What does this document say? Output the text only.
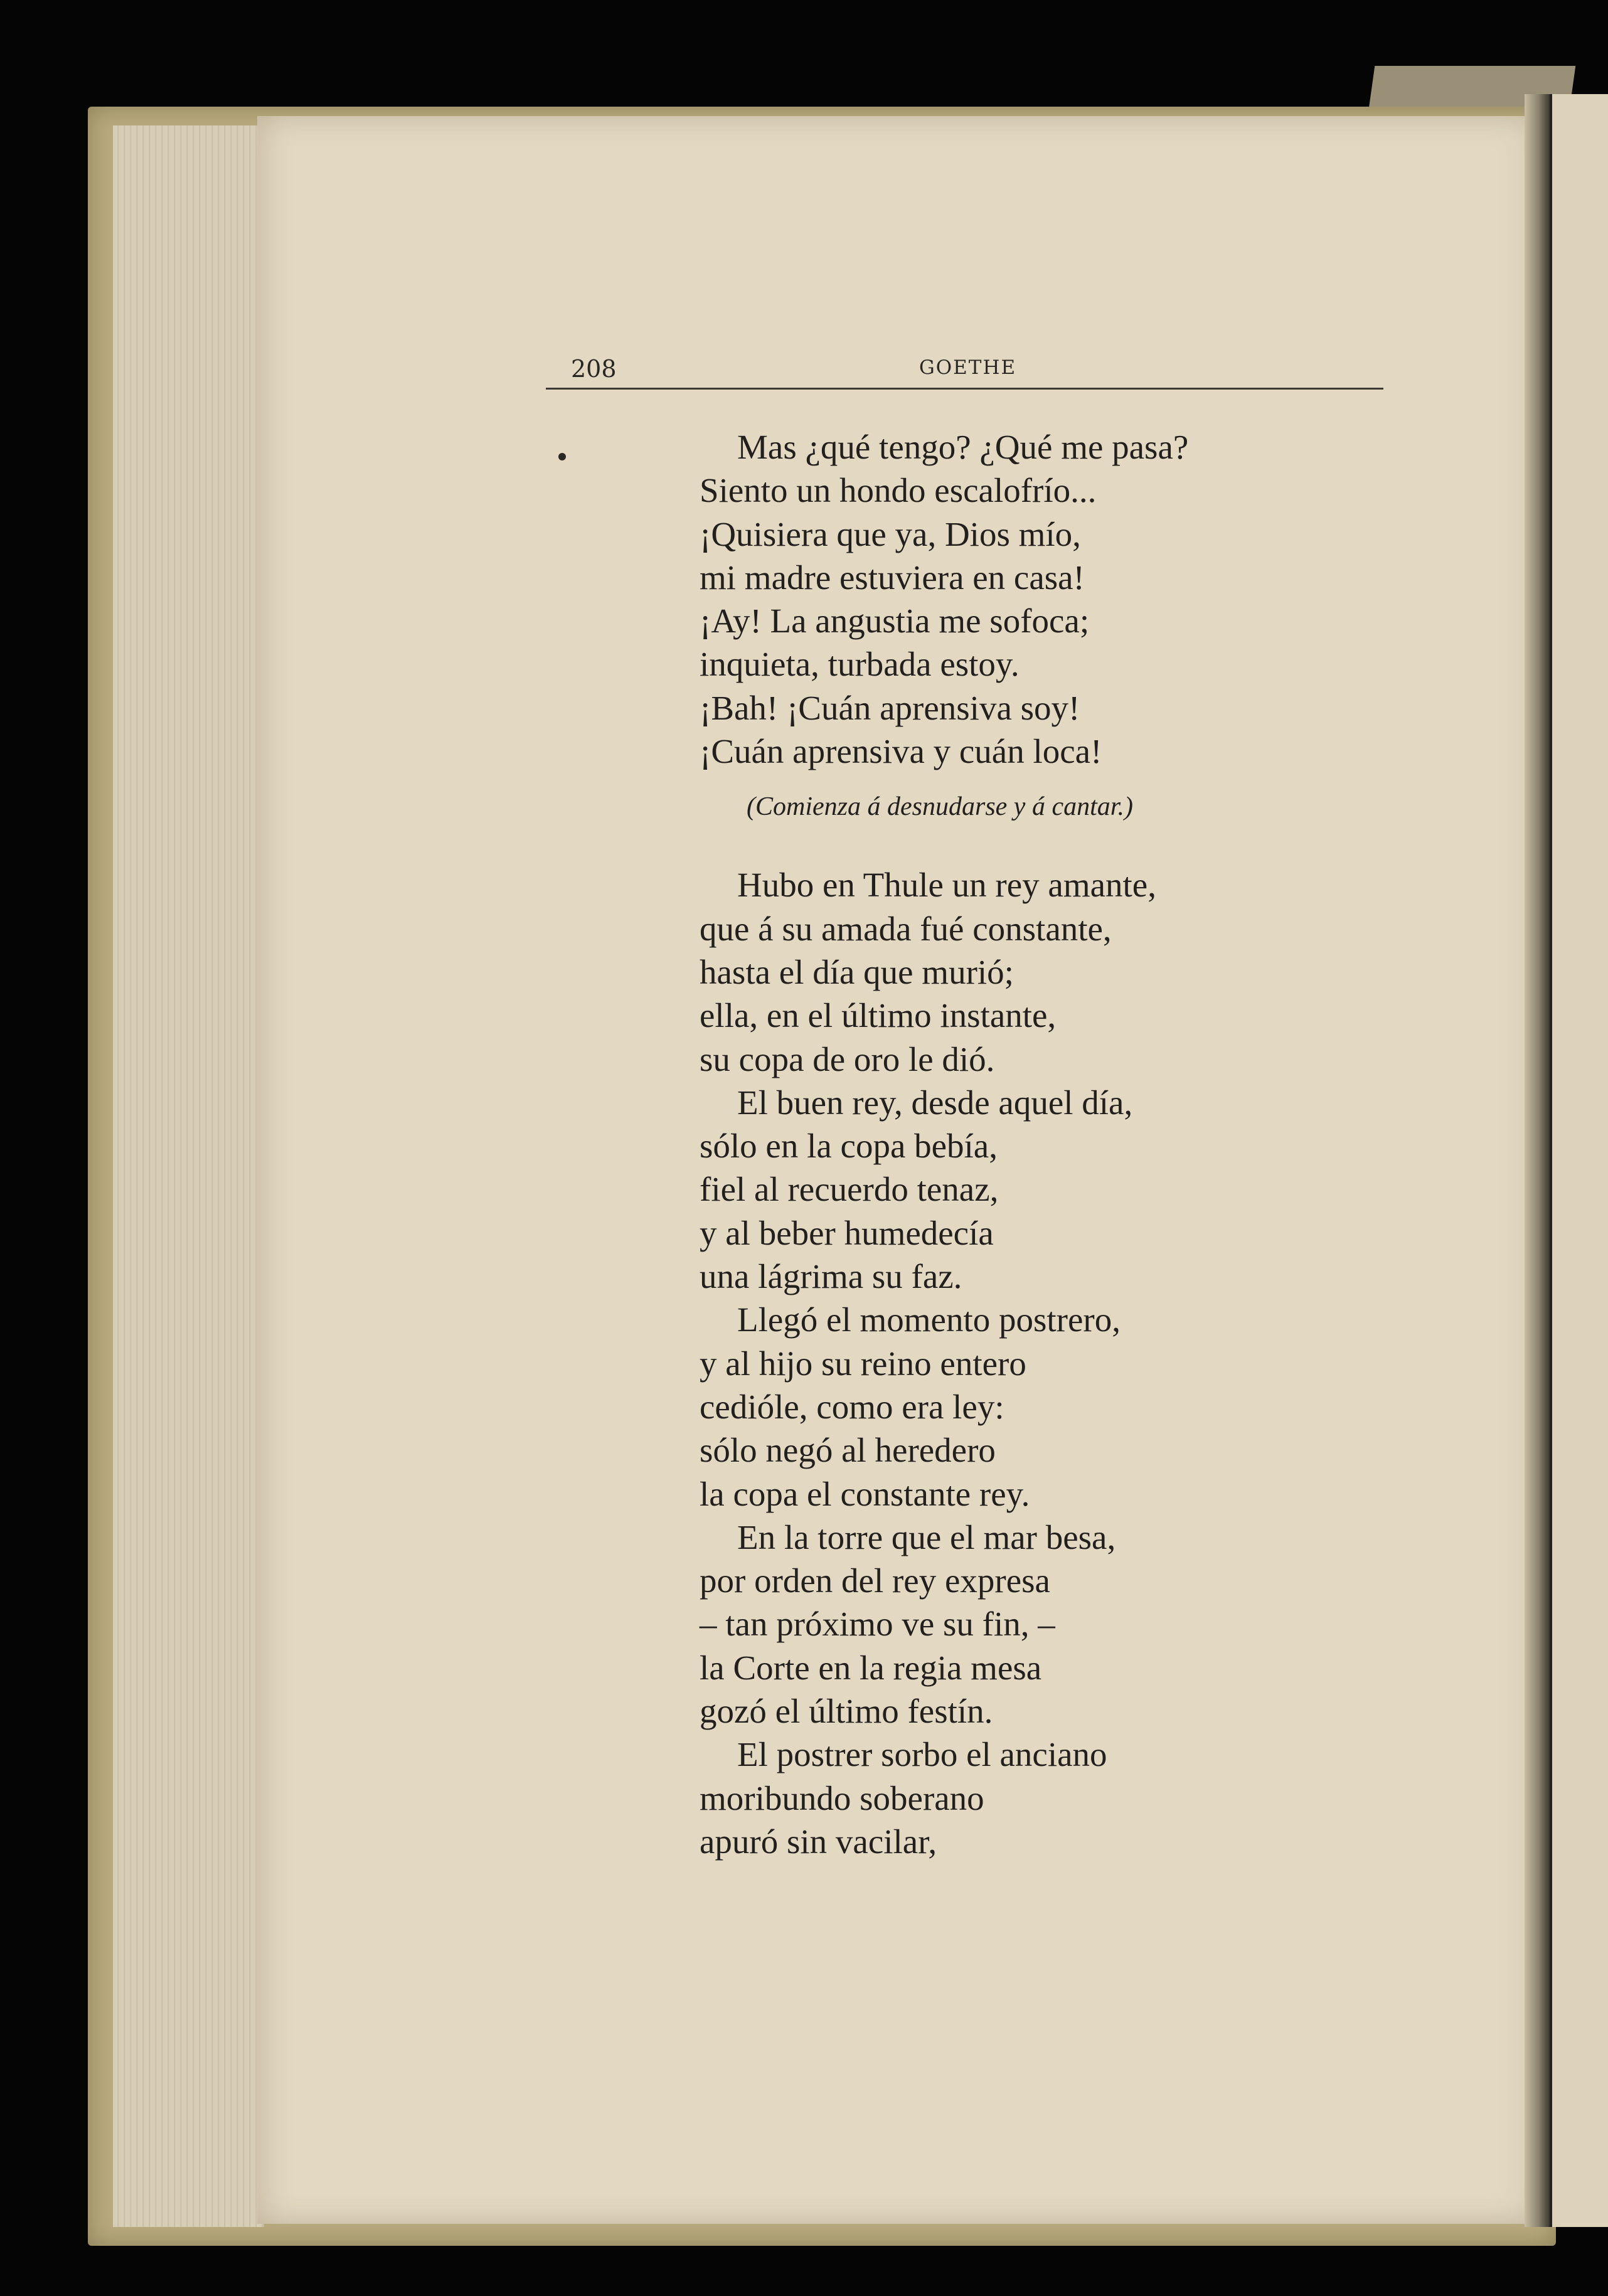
208	GOETHE
Mas ¿qué tengo? ¿Qué me pasa?
Siento un hondo escalofrío...
¡Quisiera que ya, Dios mío,
mi madre estuviera en casa!
¡Ay! La angustia me sofoca;
inquieta, turbada estoy.
¡Bah! ¡Cuán aprensiva soy!
¡Cuán aprensiva y cuán loca!
(Comienza á desnudarse y á cantar.)
Hubo en Thule un rey amante,
que á su amada fué constante,
hasta el día que murió;
ella, en el último instante,
su copa de oro le dió.
El buen rey, desde aquel día,
sólo en la copa bebía,
fiel al recuerdo tenaz,
y al beber humedecía
una lágrima su faz.
Llegó el momento postrero,
y al hijo su reino entero
cedióle, como era ley:
sólo negó al heredero
la copa el constante rey.
En la torre que el mar besa,
por orden del rey expresa
– tan próximo ve su fin, –
la Corte en la regia mesa
gozó el último festín.
El postrer sorbo el anciano
moribundo soberano
apuró sin vacilar,
